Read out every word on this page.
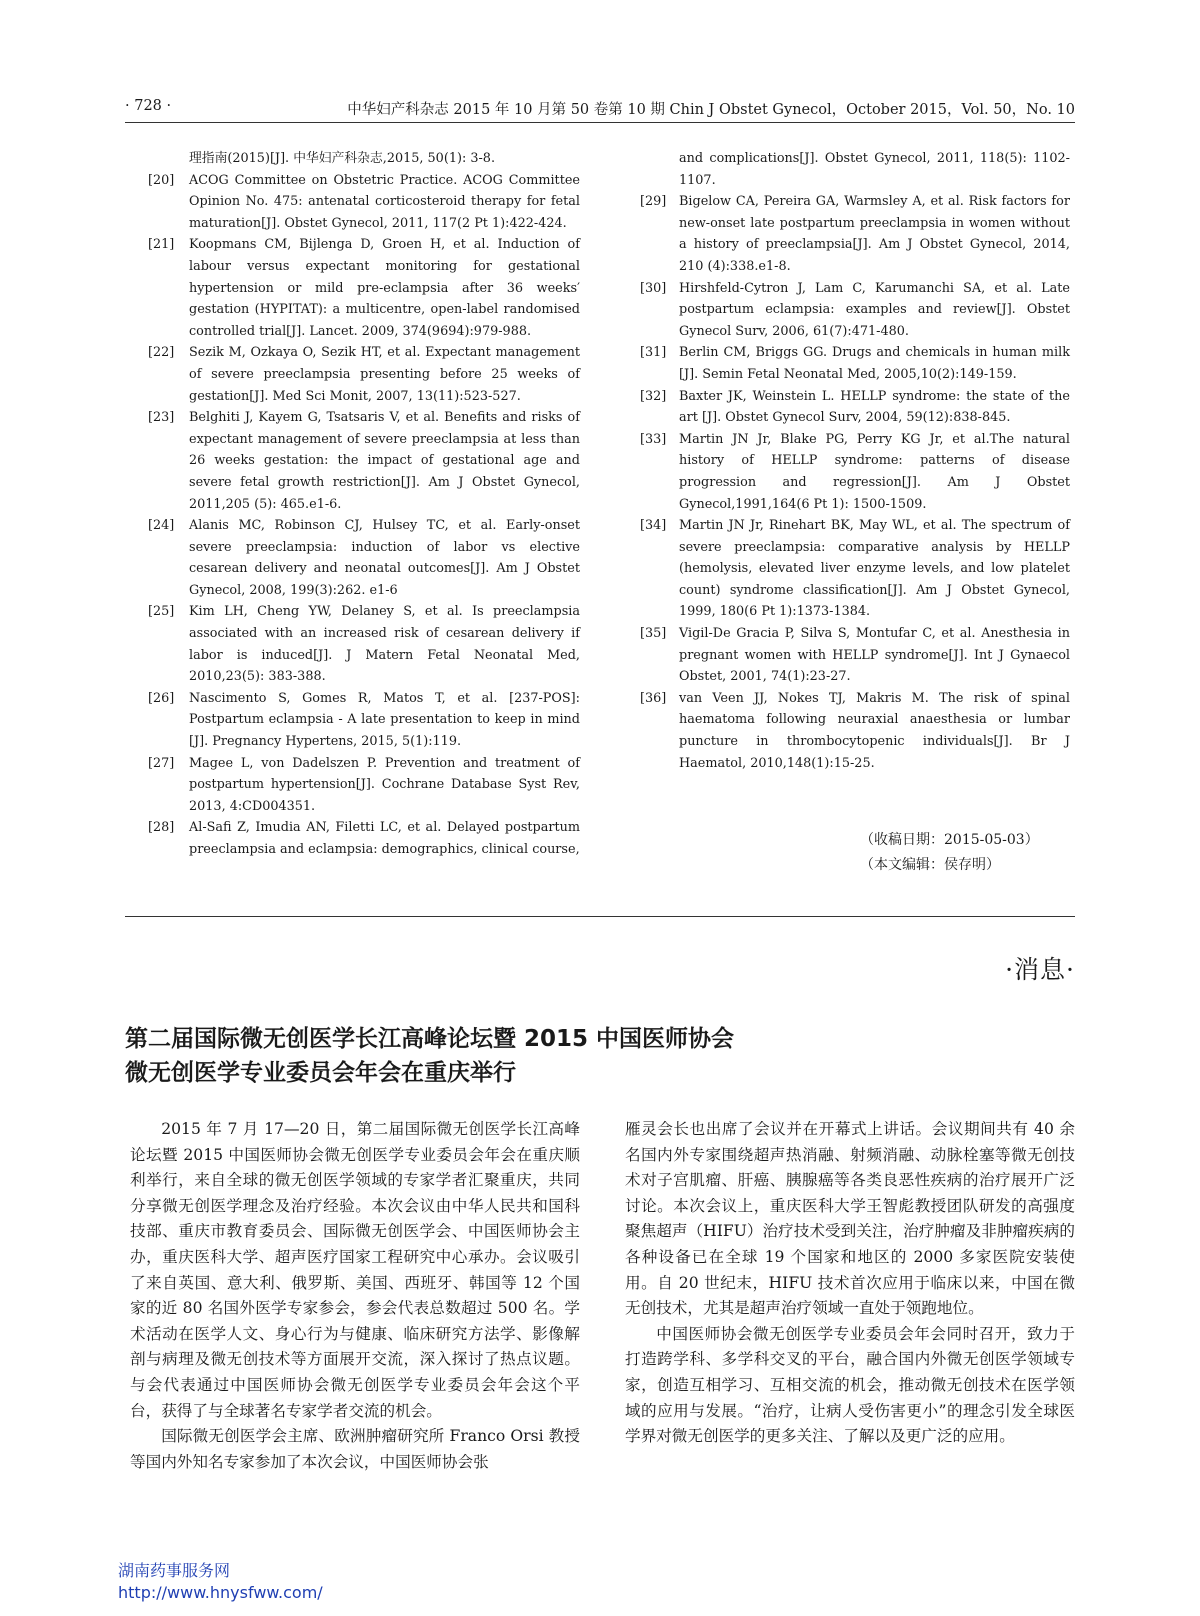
· 728 ·	中华妇产科杂志 2015 年 10 月第 50 卷第 10 期 Chin J Obstet Gynecol，October 2015，Vol. 50，No. 10
理指南(2015)[J]. 中华妇产科杂志,2015, 50(1): 3-8.
[20] ACOG Committee on Obstetric Practice. ACOG Committee Opinion No. 475: antenatal corticosteroid therapy for fetal maturation[J]. Obstet Gynecol, 2011, 117(2 Pt 1):422-424.
[21] Koopmans CM, Bijlenga D, Groen H, et al. Induction of labour versus expectant monitoring for gestational hypertension or mild pre-eclampsia after 36 weeks′ gestation (HYPITAT): a multicentre, open-label randomised controlled trial[J]. Lancet. 2009, 374(9694):979-988.
[22] Sezik M, Ozkaya O, Sezik HT, et al. Expectant management of severe preeclampsia presenting before 25 weeks of gestation[J]. Med Sci Monit, 2007, 13(11):523-527.
[23] Belghiti J, Kayem G, Tsatsaris V, et al. Benefits and risks of expectant management of severe preeclampsia at less than 26 weeks gestation: the impact of gestational age and severe fetal growth restriction[J]. Am J Obstet Gynecol, 2011,205 (5): 465.e1-6.
[24] Alanis MC, Robinson CJ, Hulsey TC, et al. Early-onset severe preeclampsia: induction of labor vs elective cesarean delivery and neonatal outcomes[J]. Am J Obstet Gynecol, 2008, 199(3):262. e1-6
[25] Kim LH, Cheng YW, Delaney S, et al. Is preeclampsia associated with an increased risk of cesarean delivery if labor is induced[J]. J Matern Fetal Neonatal Med, 2010,23(5): 383-388.
[26] Nascimento S, Gomes R, Matos T, et al. [237-POS]: Postpartum eclampsia - A late presentation to keep in mind [J]. Pregnancy Hypertens, 2015, 5(1):119.
[27] Magee L, von Dadelszen P. Prevention and treatment of postpartum hypertension[J]. Cochrane Database Syst Rev, 2013, 4:CD004351.
[28] Al-Safi Z, Imudia AN, Filetti LC, et al. Delayed postpartum preeclampsia and eclampsia: demographics, clinical course,
and complications[J]. Obstet Gynecol, 2011, 118(5): 1102-1107.
[29] Bigelow CA, Pereira GA, Warmsley A, et al. Risk factors for new-onset late postpartum preeclampsia in women without a history of preeclampsia[J]. Am J Obstet Gynecol, 2014, 210 (4):338.e1-8.
[30] Hirshfeld-Cytron J, Lam C, Karumanchi SA, et al. Late postpartum eclampsia: examples and review[J]. Obstet Gynecol Surv, 2006, 61(7):471-480.
[31] Berlin CM, Briggs GG. Drugs and chemicals in human milk [J]. Semin Fetal Neonatal Med, 2005,10(2):149-159.
[32] Baxter JK, Weinstein L. HELLP syndrome: the state of the art [J]. Obstet Gynecol Surv, 2004, 59(12):838-845.
[33] Martin JN Jr, Blake PG, Perry KG Jr, et al.The natural history of HELLP syndrome: patterns of disease progression and regression[J]. Am J Obstet Gynecol,1991,164(6 Pt 1): 1500-1509.
[34] Martin JN Jr, Rinehart BK, May WL, et al. The spectrum of severe preeclampsia: comparative analysis by HELLP (hemolysis, elevated liver enzyme levels, and low platelet count) syndrome classification[J]. Am J Obstet Gynecol, 1999, 180(6 Pt 1):1373-1384.
[35] Vigil-De Gracia P, Silva S, Montufar C, et al. Anesthesia in pregnant women with HELLP syndrome[J]. Int J Gynaecol Obstet, 2001, 74(1):23-27.
[36] van Veen JJ, Nokes TJ, Makris M. The risk of spinal haematoma following neuraxial anaesthesia or lumbar puncture in thrombocytopenic individuals[J]. Br J Haematol, 2010,148(1):15-25.
（收稿日期：2015-05-03）
（本文编辑：侯存明）
·消息·
第二届国际微无创医学长江高峰论坛暨 2015 中国医师协会
微无创医学专业委员会年会在重庆举行

2015 年 7 月 17—20 日，第二届国际微无创医学长江高峰论坛暨 2015 中国医师协会微无创医学专业委员会年会在重庆顺利举行，来自全球的微无创医学领域的专家学者汇聚重庆，共同分享微无创医学理念及治疗经验。本次会议由中华人民共和国科技部、重庆市教育委员会、国际微无创医学会、中国医师协会主办，重庆医科大学、超声医疗国家工程研究中心承办。会议吸引了来自英国、意大利、俄罗斯、美国、西班牙、韩国等 12 个国家的近 80 名国外医学专家参会，参会代表总数超过 500 名。学术活动在医学人文、身心行为与健康、临床研究方法学、影像解剖与病理及微无创技术等方面展开交流，深入探讨了热点议题。与会代表通过中国医师协会微无创医学专业委员会年会这个平台，获得了与全球著名专家学者交流的机会。

国际微无创医学会主席、欧洲肿瘤研究所 Franco Orsi 教授等国内外知名专家参加了本次会议，中国医师协会张

雁灵会长也出席了会议并在开幕式上讲话。会议期间共有 40 余名国内外专家围绕超声热消融、射频消融、动脉栓塞等微无创技术对子宫肌瘤、肝癌、胰腺癌等各类良恶性疾病的治疗展开广泛讨论。本次会议上，重庆医科大学王智彪教授团队研发的高强度聚焦超声（HIFU）治疗技术受到关注，治疗肿瘤及非肿瘤疾病的各种设备已在全球 19 个国家和地区的 2000 多家医院安装使用。自 20 世纪末，HIFU 技术首次应用于临床以来，中国在微无创技术，尤其是超声治疗领域一直处于领跑地位。

中国医师协会微无创医学专业委员会年会同时召开，致力于打造跨学科、多学科交叉的平台，融合国内外微无创医学领域专家，创造互相学习、互相交流的机会，推动微无创技术在医学领域的应用与发展。“治疗，让病人受伤害更小”的理念引发全球医学界对微无创医学的更多关注、了解以及更广泛的应用。

湖南药事服务网
http://www.hnysfww.com/
